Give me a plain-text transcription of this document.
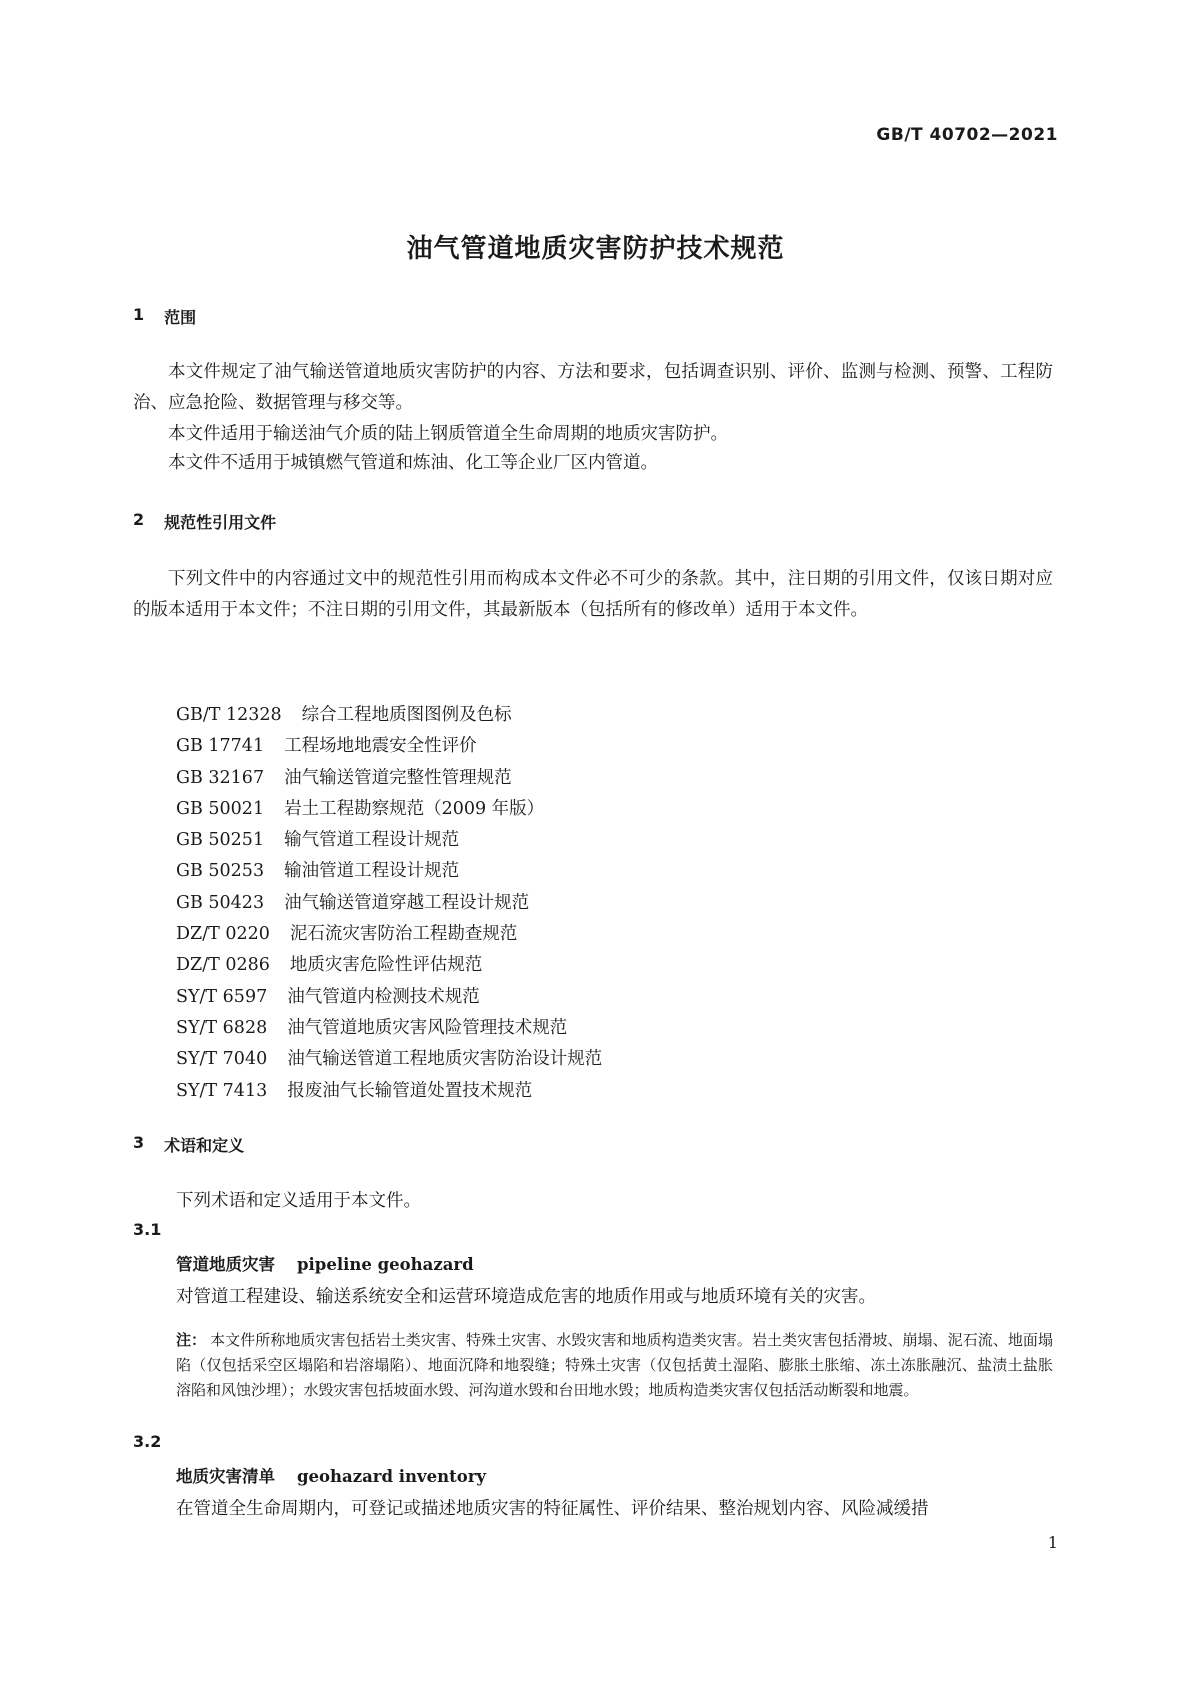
GB/T 40702—2021
油气管道地质灾害防护技术规范
1 范围

本文件规定了油气输送管道地质灾害防护的内容、方法和要求，包括调查识别、评价、监测与检测、预警、工程防治、应急抢险、数据管理与移交等。

本文件适用于输送油气介质的陆上钢质管道全生命周期的地质灾害防护。

本文件不适用于城镇燃气管道和炼油、化工等企业厂区内管道。

2 规范性引用文件

下列文件中的内容通过文中的规范性引用而构成本文件必不可少的条款。其中，注日期的引用文件，仅该日期对应的版本适用于本文件；不注日期的引用文件，其最新版本（包括所有的修改单）适用于本文件。

GB/T 12328 综合工程地质图图例及色标
GB 17741 工程场地地震安全性评价
GB 32167 油气输送管道完整性管理规范
GB 50021 岩土工程勘察规范（2009 年版）
GB 50251 输气管道工程设计规范
GB 50253 输油管道工程设计规范
GB 50423 油气输送管道穿越工程设计规范
DZ/T 0220 泥石流灾害防治工程勘查规范
DZ/T 0286 地质灾害危险性评估规范
SY/T 6597 油气管道内检测技术规范
SY/T 6828 油气管道地质灾害风险管理技术规范
SY/T 7040 油气输送管道工程地质灾害防治设计规范
SY/T 7413 报废油气长输管道处置技术规范
3 术语和定义

下列术语和定义适用于本文件。

3.1
管道地质灾害 pipeline geohazard
对管道工程建设、输送系统安全和运营环境造成危害的地质作用或与地质环境有关的灾害。
注： 本文件所称地质灾害包括岩土类灾害、特殊土灾害、水毁灾害和地质构造类灾害。岩土类灾害包括滑坡、崩塌、泥石流、地面塌陷（仅包括采空区塌陷和岩溶塌陷）、地面沉降和地裂缝；特殊土灾害（仅包括黄土湿陷、膨胀土胀缩、冻土冻胀融沉、盐渍土盐胀溶陷和风蚀沙埋）；水毁灾害包括坡面水毁、河沟道水毁和台田地水毁；地质构造类灾害仅包括活动断裂和地震。
3.2
地质灾害清单 geohazard inventory
在管道全生命周期内，可登记或描述地质灾害的特征属性、评价结果、整治规划内容、风险减缓措
1
